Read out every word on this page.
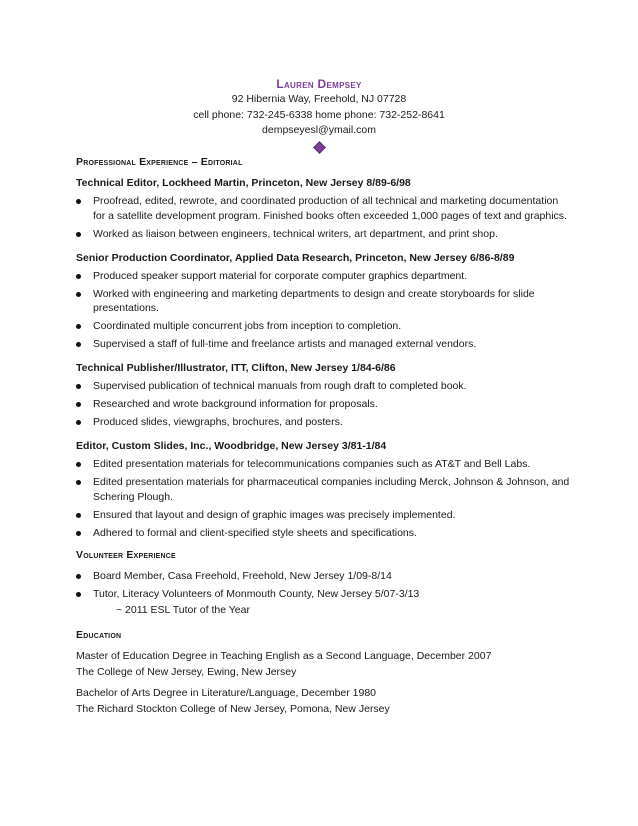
Lauren Dempsey
92 Hibernia Way, Freehold, NJ 07728
cell phone: 732-245-6338 home phone: 732-252-8641
dempseyesl@ymail.com
Professional Experience – Editorial
Technical Editor, Lockheed Martin, Princeton, New Jersey 8/89-6/98
Proofread, edited, rewrote, and coordinated production of all technical and marketing documentation for a satellite development program. Finished books often exceeded 1,000 pages of text and graphics.
Worked as liaison between engineers, technical writers, art department, and print shop.
Senior Production Coordinator, Applied Data Research, Princeton, New Jersey 6/86-8/89
Produced speaker support material for corporate computer graphics department.
Worked with engineering and marketing departments to design and create storyboards for slide presentations.
Coordinated multiple concurrent jobs from inception to completion.
Supervised a staff of full-time and freelance artists and managed external vendors.
Technical Publisher/Illustrator, ITT, Clifton, New Jersey 1/84-6/86
Supervised publication of technical manuals from rough draft to completed book.
Researched and wrote background information for proposals.
Produced slides, viewgraphs, brochures, and posters.
Editor, Custom Slides, Inc., Woodbridge, New Jersey 3/81-1/84
Edited presentation materials for telecommunications companies such as AT&T and Bell Labs.
Edited presentation materials for pharmaceutical companies including Merck, Johnson & Johnson, and Schering Plough.
Ensured that layout and design of graphic images was precisely implemented.
Adhered to formal and client-specified style sheets and specifications.
Volunteer Experience
Board Member, Casa Freehold, Freehold, New Jersey 1/09-8/14
Tutor, Literacy Volunteers of Monmouth County, New Jersey 5/07-3/13
~ 2011 ESL Tutor of the Year
Education
Master of Education Degree in Teaching English as a Second Language, December 2007
The College of New Jersey, Ewing, New Jersey
Bachelor of Arts Degree in Literature/Language, December 1980
The Richard Stockton College of New Jersey, Pomona, New Jersey
